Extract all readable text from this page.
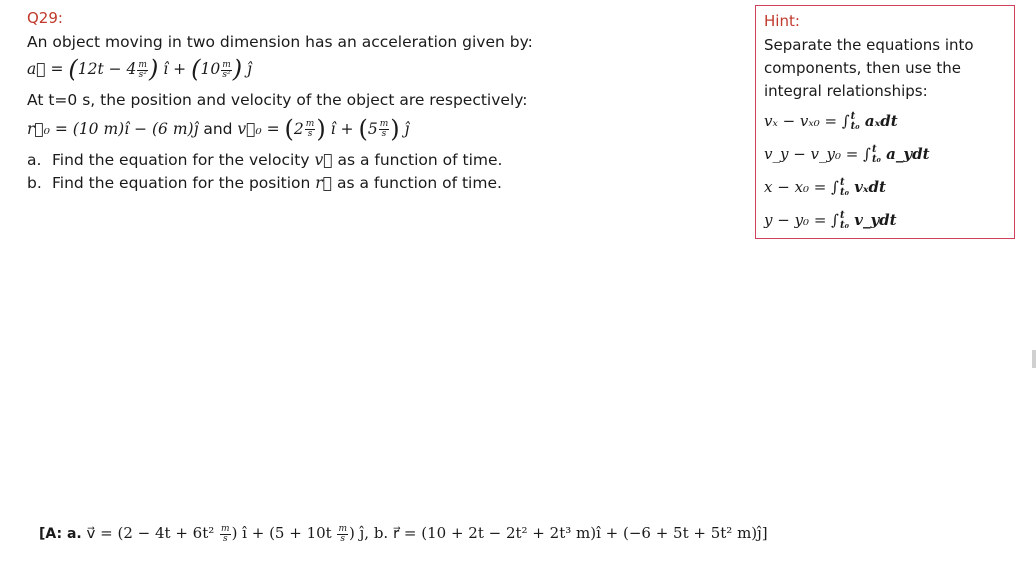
Q29:
An object moving in two dimension has an acceleration given by:
a⃗ = ($12t - 4 \frac{m}{\text{s²}}$ ) î + ($10 \frac{m}{\text{s²}}$ ) ĵ
At t=0 s, the position and velocity of the object are respectively:
r⃗₀ = (10 m)î − (6 m)ĵ and v⃗₀ = ($2 \frac{m}{s}$ ) î + ($5 \frac{m}{s}$ ) ĵ
a. Find the equation for the velocity v⃗ as a function of time.
b. Find the equation for the position r⃗ as a function of time.
Hint:
Separate the equations into
components, then use the
integral relationships:
vₓ − vₓ₀ = ∫ t
t₀ aₓdt
v_y − v_y₀ = ∫ t
t₀ a_ydt
x − x₀ = ∫ t
t₀ vₓdt
y − y₀ = ∫ t
t₀ v_ydt
[A: a. v⃗ = ($2 - 4t + 6t^2 \frac{m}{s}$ ) î + ($5 + 10t \frac{m}{s}$ ) ĵ, b. r⃗ = (10 + 2t − 2t² + 2t³ m)î + (−6 + 5t + 5t² m)ĵ]
